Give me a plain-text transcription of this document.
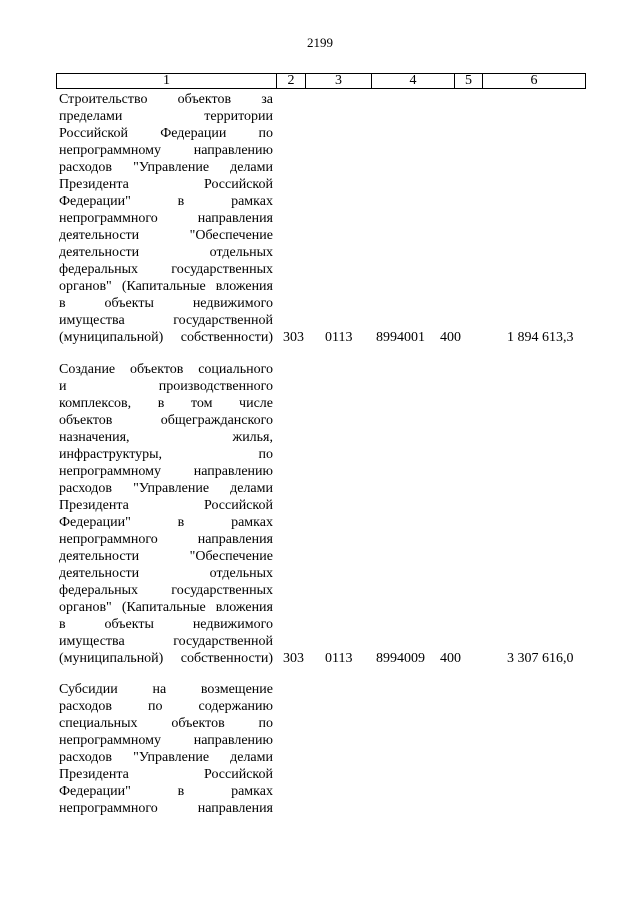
2199
1	2	3	4	5	6
Строительство объектов за
пределами	территории
Российской Федерации по
непрограммному направлению
расходов "Управление делами
Президента	Российской
Федерации"	в	рамках
непрограммного	направления
деятельности	"Обеспечение
деятельности	отдельных
федеральных государственных
органов" (Капитальные вложения
в	объекты	недвижимого
имущества	государственной
(муниципальной) собственности) 303 0113 8994001 400	1 894 613,3
Создание объектов социального
и	производственного
комплексов, в том числе
объектов	общегражданского
назначения,	жилья,
инфраструктуры,	по
непрограммному направлению
расходов "Управление делами
Президента	Российской
Федерации"	в	рамках
непрограммного	направления
деятельности	"Обеспечение
деятельности	отдельных
федеральных государственных
органов" (Капитальные вложения
в	объекты	недвижимого
имущества	государственной
(муниципальной) собственности) 303 0113 8994009 400	3 307 616,0
Субсидии на возмещение
расходов	по	содержанию
специальных объектов по
непрограммному направлению
расходов "Управление делами
Президента	Российской
Федерации"	в	рамках
непрограммного	направления
